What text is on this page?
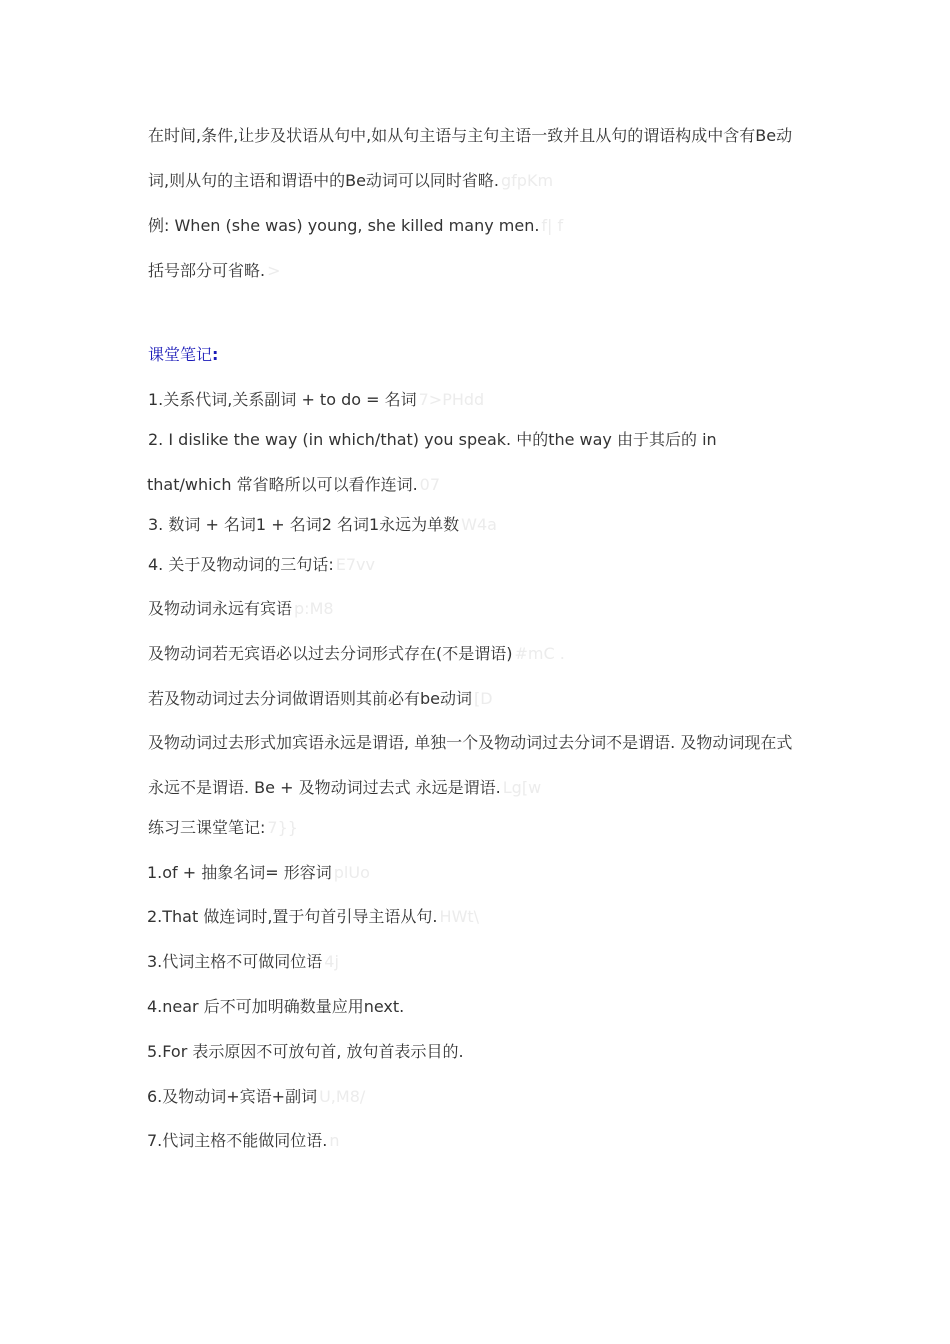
在时间,条件,让步及状语从句中,如从句主语与主句主语一致并且从句的谓语构成中含有Be动
词,则从句的主语和谓语中的Be动词可以同时省略. gfpKm
例: When (she was) young, she killed many men. f| f
括号部分可省略. >
课堂笔记:
1.关系代词,关系副词 + to do = 名词 7>PHdd
2. I dislike the way (in which/that) you speak. 中的the way 由于其后的 in
that/which 常省略所以可以看作连词. 07
3. 数词 + 名词1 + 名词2 名词1永远为单数 W4a
4. 关于及物动词的三句话: E7vv
及物动词永远有宾语 p:M8
及物动词若无宾语必以过去分词形式存在(不是谓语) #mC .
若及物动词过去分词做谓语则其前必有be动词 [D
及物动词过去形式加宾语永远是谓语, 单独一个及物动词过去分词不是谓语. 及物动词现在式
永远不是谓语. Be + 及物动词过去式 永远是谓语. Lg[w
练习三课堂笔记: 7}}
1.of + 抽象名词= 形容词 plUo
2.That 做连词时,置于句首引导主语从句. HWt\
3.代词主格不可做同位语 4j
4.near 后不可加明确数量应用next.
5.For 表示原因不可放句首, 放句首表示目的.
6.及物动词+宾语+副词 U,M8/
7.代词主格不能做同位语. n
